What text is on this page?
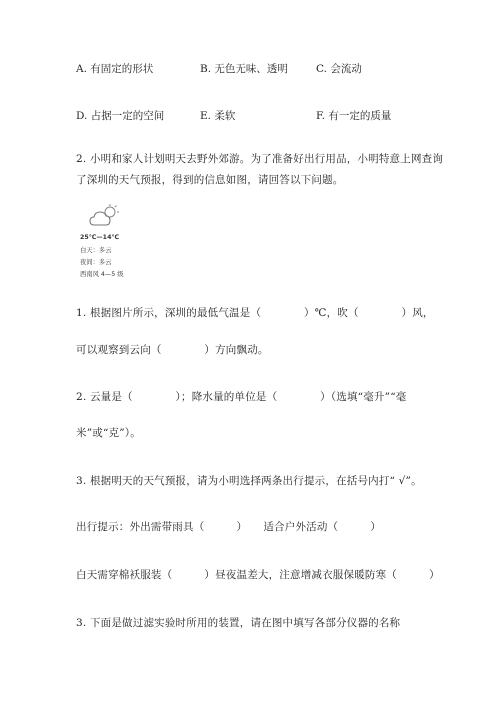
A. 有固定的形状	B. 无色无味、透明	C. 会流动
D. 占据一定的空间	E. 柔软	F. 有一定的质量
2. 小明和家人计划明天去野外郊游。为了准备好出行用品，小明特意上网查询
了深圳的天气预报，得到的信息如图，请回答以下问题。
25℃—14℃
白天：多云
夜间：多云
西南风 4—5 级
1. 根据图片所示，深圳的最低气温是（　　　　）℃，吹（　　　　）风，
可以观察到云向（　　　　）方向飘动。
2. 云量是（　　　　）；降水量的单位是（　　　　）（选填“毫升”“毫
米”或“克”）。
3. 根据明天的天气预报，请为小明选择两条出行提示，在括号内打“ √”。
出行提示：外出需带雨具（　　　）　　适合户外活动（　　　）
白天需穿棉袄服装（　　　）昼夜温差大，注意增减衣服保暖防寒（　　　）
3. 下面是做过滤实验时所用的装置，请在图中填写各部分仪器的名称
